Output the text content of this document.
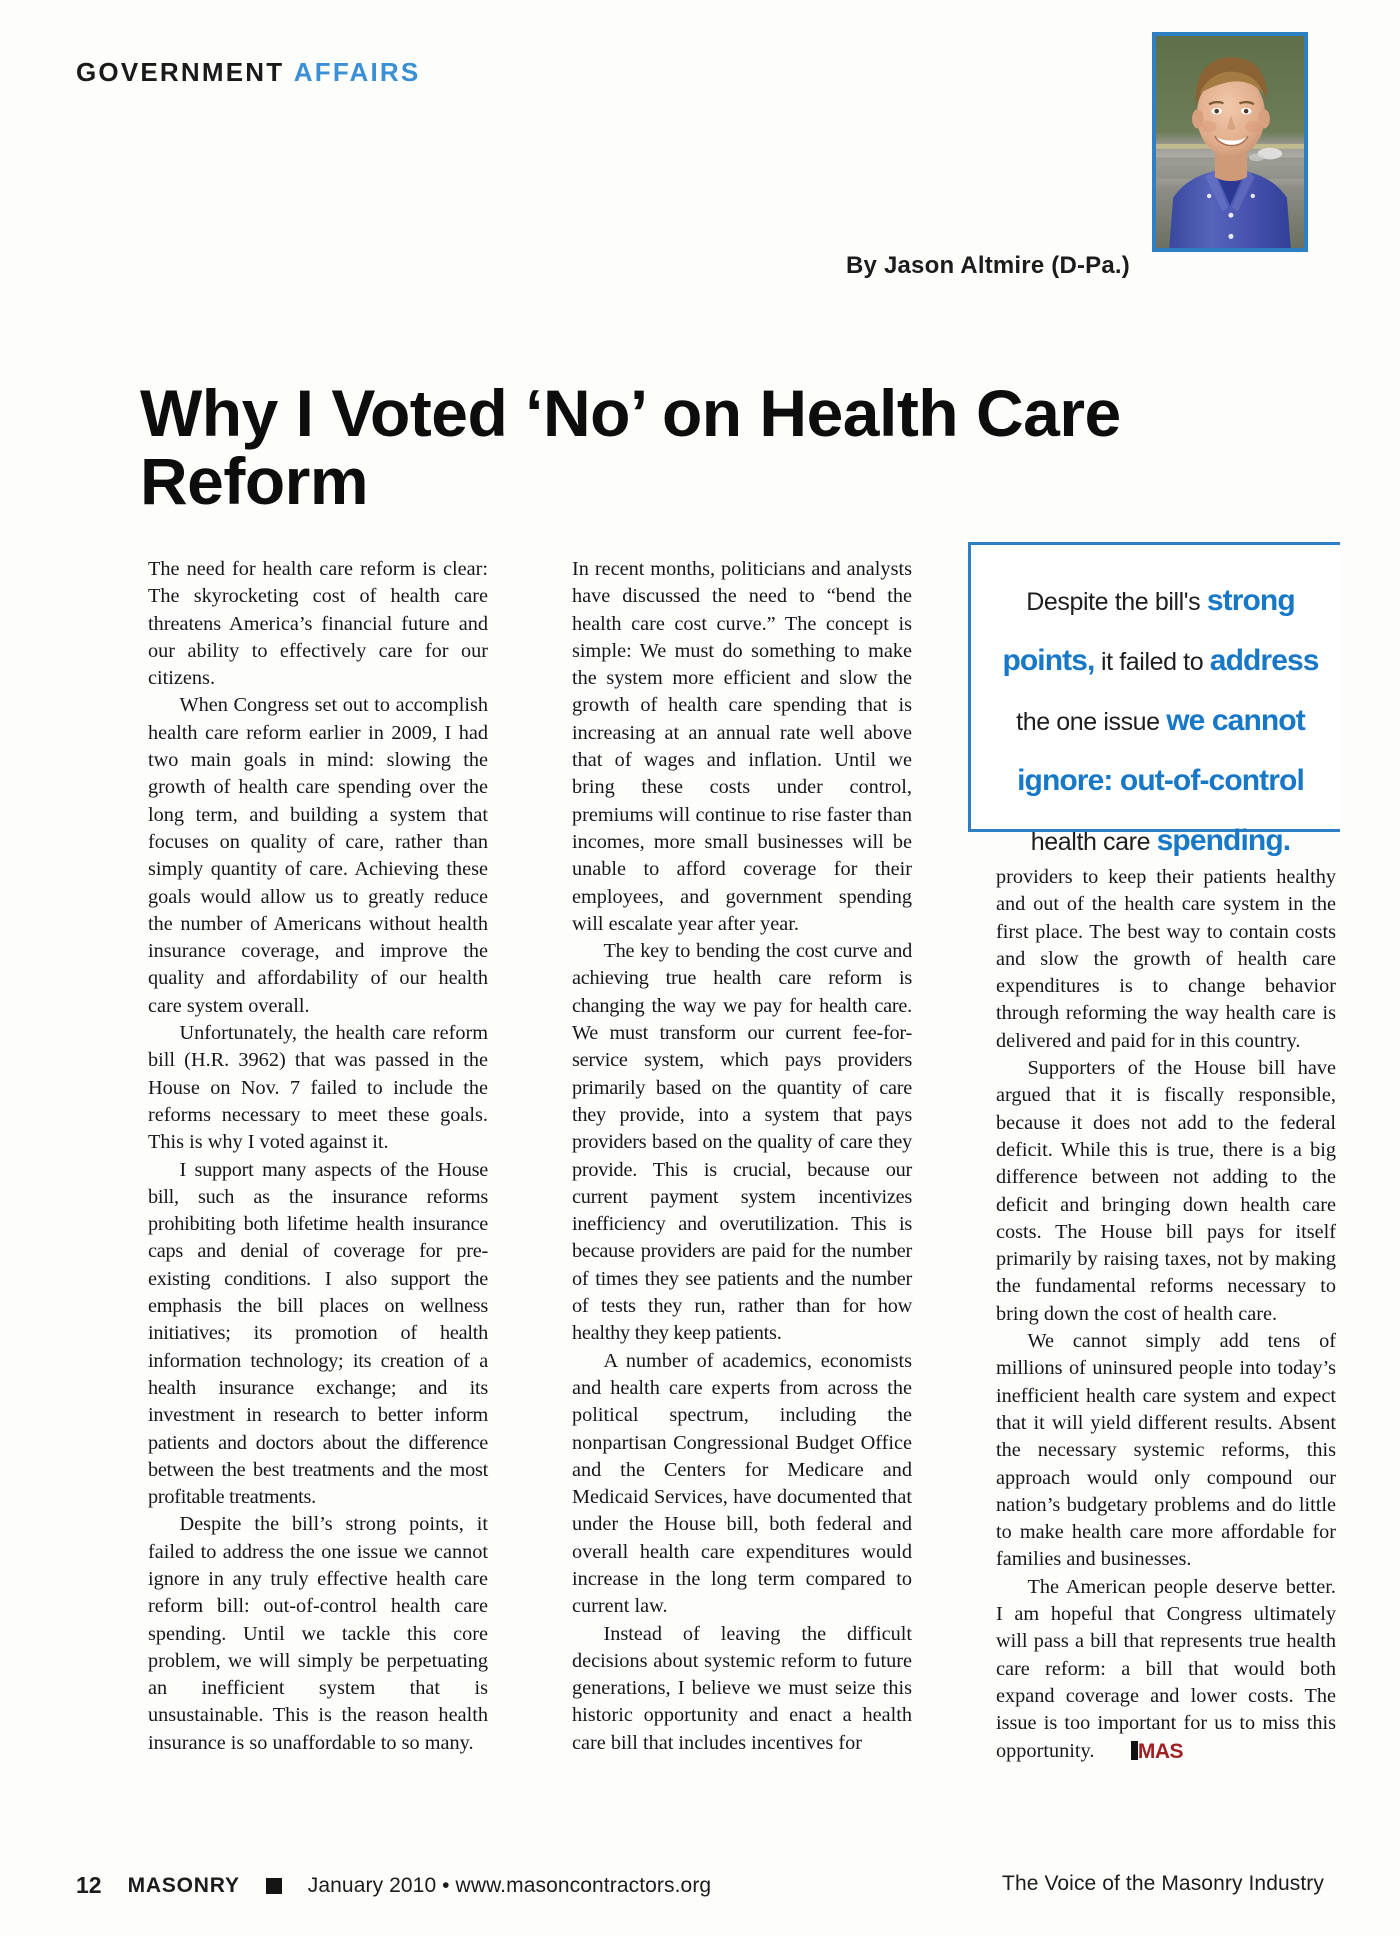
GOVERNMENT AFFAIRS
By Jason Altmire (D-Pa.)
Why I Voted ‘No’ on Health Care Reform
Despite the bill's strong points, it failed to address the one issue we cannot ignore: out-of-control health care spending.

The need for health care reform is clear: The skyrocketing cost of health care threatens America’s financial future and our ability to effectively care for our citizens.

When Congress set out to accomplish health care reform earlier in 2009, I had two main goals in mind: slowing the growth of health care spending over the long term, and building a system that focuses on quality of care, rather than simply quantity of care. Achieving these goals would allow us to greatly reduce the number of Americans without health insurance coverage, and improve the quality and affordability of our health care system overall.

Unfortunately, the health care reform bill (H.R. 3962) that was passed in the House on Nov. 7 failed to include the reforms necessary to meet these goals. This is why I voted against it.

I support many aspects of the House bill, such as the insurance reforms prohibiting both lifetime health insurance caps and denial of coverage for pre-existing conditions. I also support the emphasis the bill places on wellness initiatives; its promotion of health information technology; its creation of a health insurance exchange; and its investment in research to better inform patients and doctors about the difference between the best treatments and the most profitable treatments.

Despite the bill’s strong points, it failed to address the one issue we cannot ignore in any truly effective health care reform bill: out-of-control health care spending. Until we tackle this core problem, we will simply be perpetuating an inefficient system that is unsustainable. This is the reason health insurance is so unaffordable to so many.

In recent months, politicians and analysts have discussed the need to “bend the health care cost curve.” The concept is simple: We must do something to make the system more efficient and slow the growth of health care spending that is increasing at an annual rate well above that of wages and inflation. Until we bring these costs under control, premiums will continue to rise faster than incomes, more small businesses will be unable to afford coverage for their employees, and government spending will escalate year after year.

The key to bending the cost curve and achieving true health care reform is changing the way we pay for health care. We must transform our current fee-for-service system, which pays providers primarily based on the quantity of care they provide, into a system that pays providers based on the quality of care they provide. This is crucial, because our current payment system incentivizes inefficiency and overutilization. This is because providers are paid for the number of times they see patients and the number of tests they run, rather than for how healthy they keep patients.

A number of academics, economists and health care experts from across the political spectrum, including the nonpartisan Congressional Budget Office and the Centers for Medicare and Medicaid Services, have documented that under the House bill, both federal and overall health care expenditures would increase in the long term compared to current law.

Instead of leaving the difficult decisions about systemic reform to future generations, I believe we must seize this historic opportunity and enact a health care bill that includes incentives for

providers to keep their patients healthy and out of the health care system in the first place. The best way to contain costs and slow the growth of health care expenditures is to change behavior through reforming the way health care is delivered and paid for in this country.

Supporters of the House bill have argued that it is fiscally responsible, because it does not add to the federal deficit. While this is true, there is a big difference between not adding to the deficit and bringing down health care costs. The House bill pays for itself primarily by raising taxes, not by making the fundamental reforms necessary to bring down the cost of health care.

We cannot simply add tens of millions of uninsured people into today’s inefficient health care system and expect that it will yield different results. Absent the necessary systemic reforms, this approach would only compound our nation’s budgetary problems and do little to make health care more affordable for families and businesses.

The American people deserve better. I am hopeful that Congress ultimately will pass a bill that represents true health care reform: a bill that would both expand coverage and lower costs. The issue is too important for us to miss this opportunity. MAS

12 MASONRY	January 2010 • www.masoncontractors.org	The Voice of the Masonry Industry
